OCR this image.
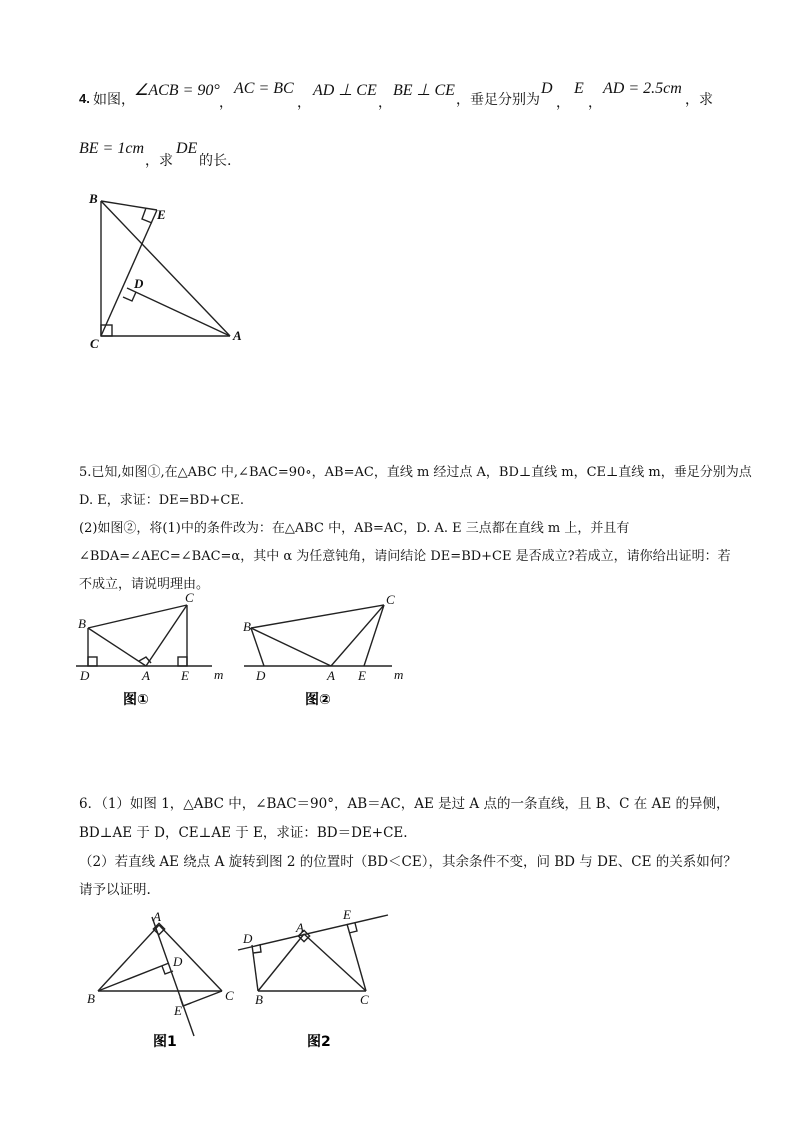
4. 如图，
∠ACB = 90°
，
AC = BC
，
AD ⊥ CE
，
BE ⊥ CE
，垂足分别为
D
，
E
，
AD = 2.5cm
，求
BE = 1cm
，求
DE
的长.
B
E
D
C
A
5.已知,如图①,在△ABC 中,∠BAC=90∘，AB=AC，直线 m 经过点 A，BD⊥直线 m，CE⊥直线 m，垂足分别为点
D. E，求证：DE=BD+CE.
(2)如图②，将(1)中的条件改为：在△ABC 中，AB=AC，D. A. E 三点都在直线 m 上，并且有
∠BDA=∠AEC=∠BAC=α，其中 α 为任意钝角，请问结论 DE=BD+CE 是否成立?若成立，请你给出证明：若
不成立，请说明理由。
B
C
D	A E m
图①
B
C
D	A E m
图②
6．（1）如图 1，△ABC 中，∠BAC＝90°，AB＝AC，AE 是过 A 点的一条直线，且 B、C 在 AE 的异侧，
BD⊥AE 于 D，CE⊥AE 于 E，求证：BD＝DE+CE.
（2）若直线 AE 绕点 A 旋转到图 2 的位置时（BD＜CE），其余条件不变，问 BD 与 DE、CE 的关系如何？
请予以证明.
A
D
B	C
E
图1
D
A
E
B	C
图2
